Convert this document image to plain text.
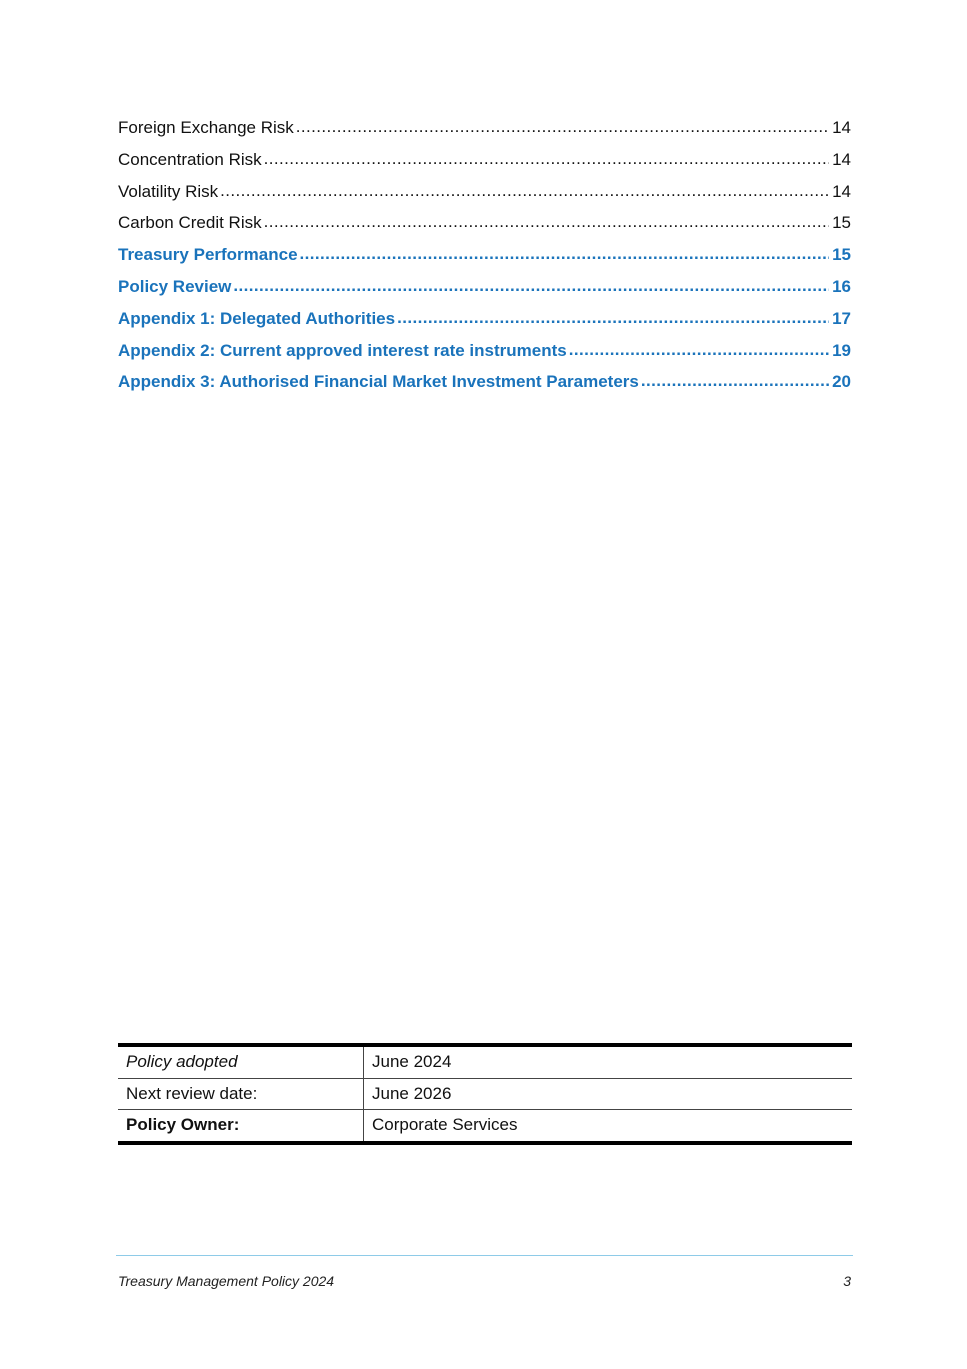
Foreign Exchange Risk .....	14
Concentration Risk .....	14
Volatility Risk .....	14
Carbon Credit Risk .....	15
Treasury Performance .....	15
Policy Review .....	16
Appendix 1: Delegated Authorities .....	17
Appendix 2: Current approved interest rate instruments .....	19
Appendix 3: Authorised Financial Market Investment Parameters .....	20
Policy adopted	June 2024
Next review date:	June 2026
Policy Owner:	Corporate Services
Treasury Management Policy 2024	3
